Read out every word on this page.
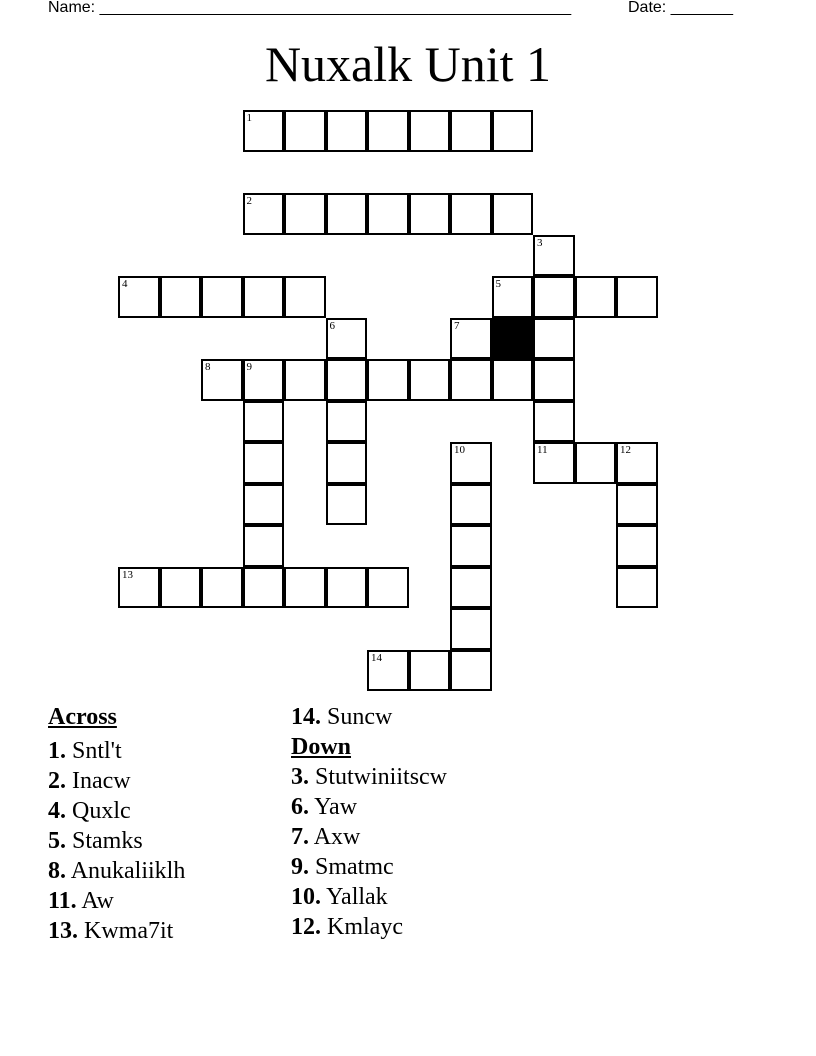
Name: _____________________________________________________	Date: _______
Nuxalk Unit 1
1
2
3
11
4	5
6	7
8	9
10	12
13
14
Across
1. Sntl't
2. Inacw
4. Quxlc
5. Stamks
8. Anukaliiklh
11. Aw
13. Kwma7it
14. Suncw
Down
3. Stutwiniitscw
6. Yaw
7. Axw
9. Smatmc
10. Yallak
12. Kmlayc
